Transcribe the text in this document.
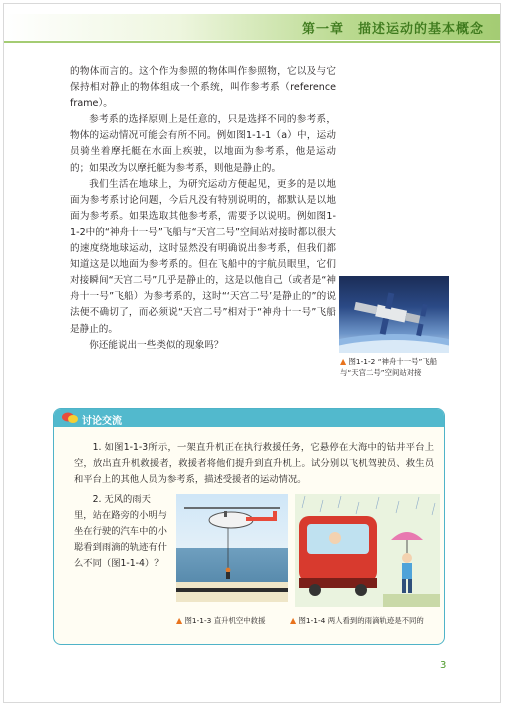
第一章　描述运动的基本概念

的物体而言的。这个作为参照的物体叫作参照物，它以及与它保持相对静止的物体组成一个系统，叫作参考系（reference frame）。

参考系的选择原则上是任意的，只是选择不同的参考系，物体的运动情况可能会有所不同。例如图1-1-1（a）中，运动员骑坐着摩托艇在水面上疾驶，以地面为参考系，他是运动的；如果改为以摩托艇为参考系，则他是静止的。

我们生活在地球上，为研究运动方便起见，更多的是以地面为参考系讨论问题，今后凡没有特别说明的，都默认是以地面为参考系。如果选取其他参考系，需要予以说明。例如图1-1-2中的“神舟十一号”飞船与“天宫二号”空间站对接时都以很大的速度绕地球运动，这时显然没有明确说出参考系，但我们都知道这是以地面为参考系的。但在飞船中的宇航员眼里，它们对接瞬间“天宫二号”几乎是静止的，这是以他自己（或者是“神舟十一号”飞船）为参考系的，这时“‘天宫二号’是静止的”的说法便不确切了，而必须说“天宫二号”相对于“神舟十一号”飞船是静止的。

你还能说出一些类似的现象吗？

▲ 图1-1-2 “神舟十一号”飞船与“天宫二号”空间站对接
讨论交流
1. 如图1-1-3所示，一架直升机正在执行救援任务，它悬停在大海中的钻井平台上空，放出直升机救援者，救援者将他们提升到直升机上。试分别以飞机驾驶员、救生员和平台上的其他人员为参考系，描述受援者的运动情况。
2. 无风的雨天里，站在路旁的小明与坐在行驶的汽车中的小聪看到雨滴的轨迹有什么不同（图1-1-4）？
▲ 图1-1-3 直升机空中救援	▲ 图1-1-4 两人看到的雨滴轨迹是不同的
3
